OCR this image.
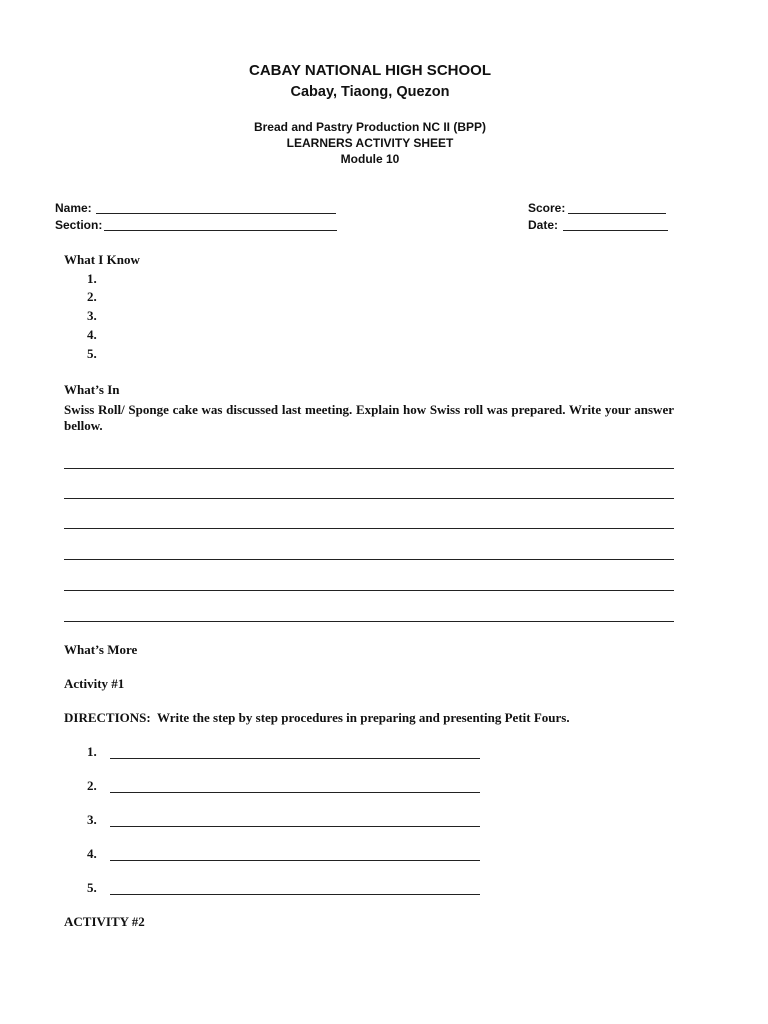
CABAY NATIONAL HIGH SCHOOL
Cabay, Tiaong, Quezon
Bread and Pastry Production NC II (BPP)
LEARNERS ACTIVITY SHEET
Module 10
Name:
Section:
Score:
Date:
What I Know
1.
2.
3.
4.
5.
What’s In
Swiss Roll/ Sponge cake was discussed last meeting. Explain how Swiss roll was prepared. Write your answer bellow.
What’s More
Activity #1
DIRECTIONS:  Write the step by step procedures in preparing and presenting Petit Fours.
1.
2.
3.
4.
5.
ACTIVITY #2
